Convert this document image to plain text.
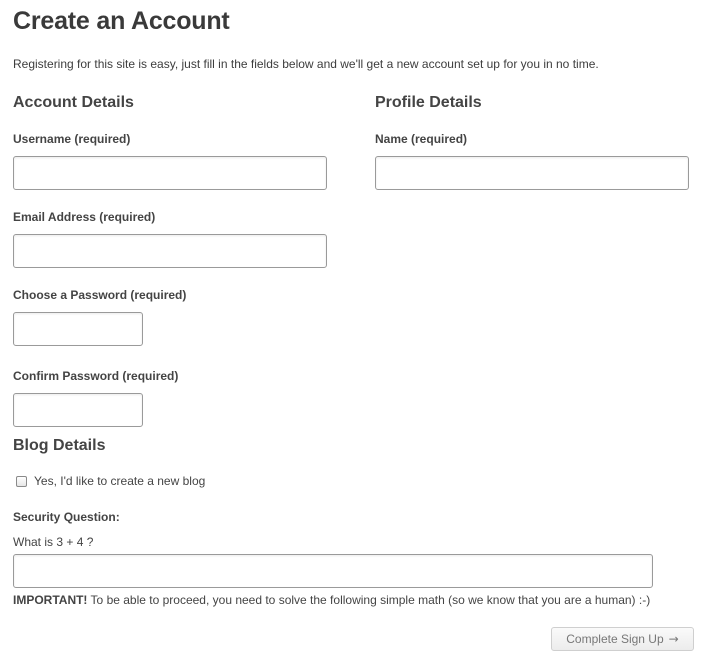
Create an Account

Registering for this site is easy, just fill in the fields below and we'll get a new account set up for you in no time.

Account Details
Username (required)
Email Address (required)
Choose a Password (required)
Confirm Password (required)
Profile Details
Name (required)
Blog Details
Yes, I'd like to create a new blog
Security Question:
What is 3 + 4 ?
IMPORTANT! To be able to proceed, you need to solve the following simple math (so we know that you are a human) :-)
Complete Sign Up →
